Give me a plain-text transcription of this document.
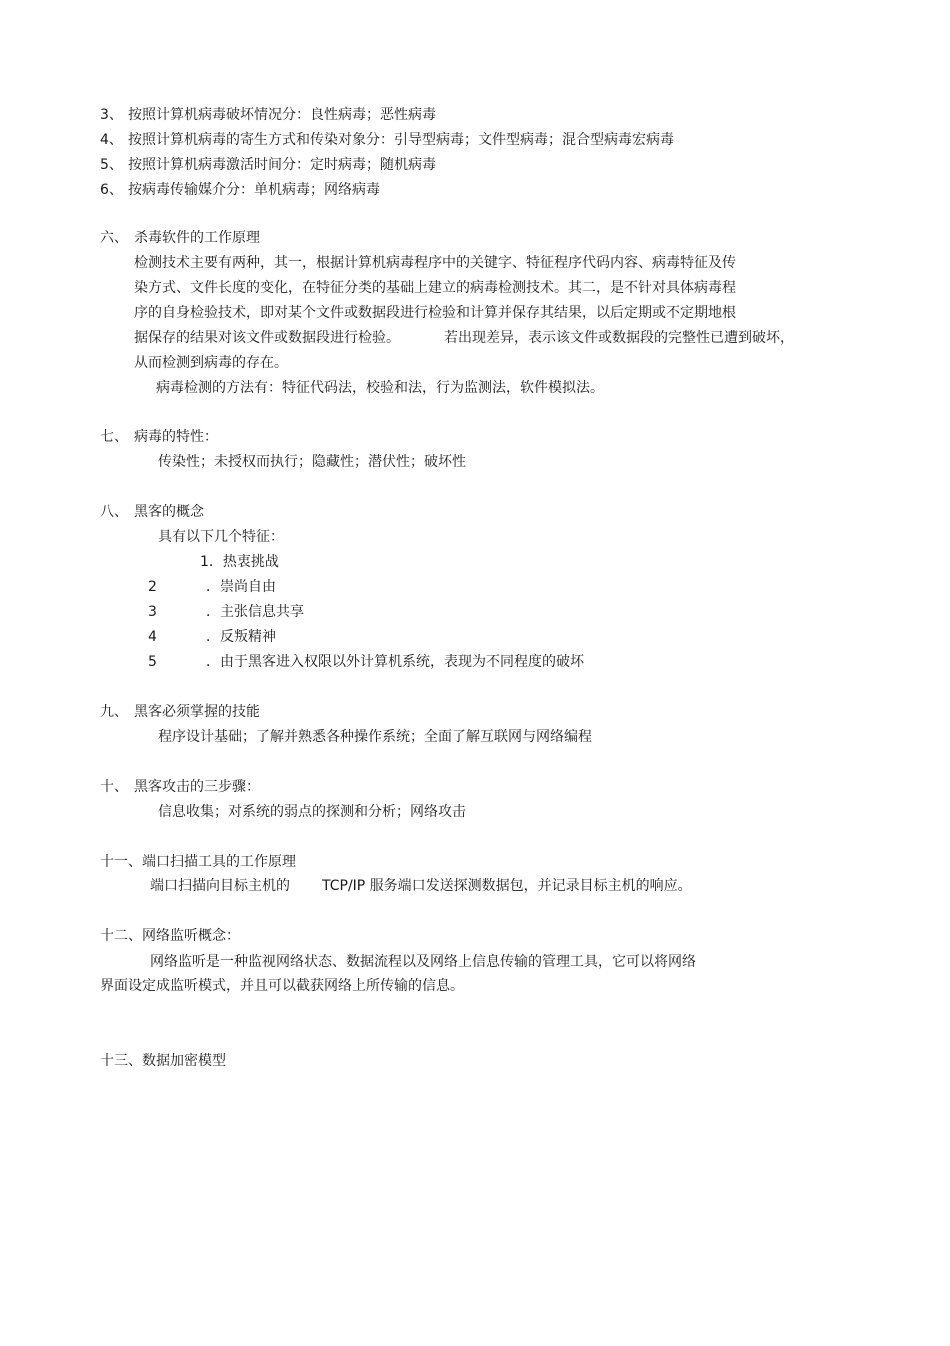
3、 按照计算机病毒破坏情况分：良性病毒；恶性病毒
4、 按照计算机病毒的寄生方式和传染对象分：引导型病毒；文件型病毒；混合型病毒宏病毒
5、 按照计算机病毒激活时间分：定时病毒；随机病毒
6、 按病毒传输媒介分：单机病毒；网络病毒
六、 杀毒软件的工作原理
检测技术主要有两种，其一，根据计算机病毒程序中的关键字、特征程序代码内容、病毒特征及传
染方式、文件长度的变化，在特征分类的基础上建立的病毒检测技术。其二，是不针对具体病毒程
序的自身检验技术，即对某个文件或数据段进行检验和计算并保存其结果，以后定期或不定期地根
据保存的结果对该文件或数据段进行检验。	若出现差异，表示该文件或数据段的完整性已遭到破坏，
从而检测到病毒的存在。
病毒检测的方法有：特征代码法，校验和法，行为监测法，软件模拟法。
七、 病毒的特性：
传染性；未授权而执行；隐藏性；潜伏性；破坏性
八、 黑客的概念
具有以下几个特征：
1．热衷挑战
2	．崇尚自由
3	．主张信息共享
4	．反叛精神
5	．由于黑客进入权限以外计算机系统，表现为不同程度的破坏
九、 黑客必须掌握的技能
程序设计基础；了解并熟悉各种操作系统；全面了解互联网与网络编程
十、 黑客攻击的三步骤：
信息收集；对系统的弱点的探测和分析；网络攻击
十一、端口扫描工具的工作原理
端口扫描向目标主机的 TCP/IP 服务端口发送探测数据包，并记录目标主机的响应。
十二、网络监听概念：
网络监听是一种监视网络状态、数据流程以及网络上信息传输的管理工具，它可以将网络
界面设定成监听模式，并且可以截获网络上所传输的信息。
十三、数据加密模型
